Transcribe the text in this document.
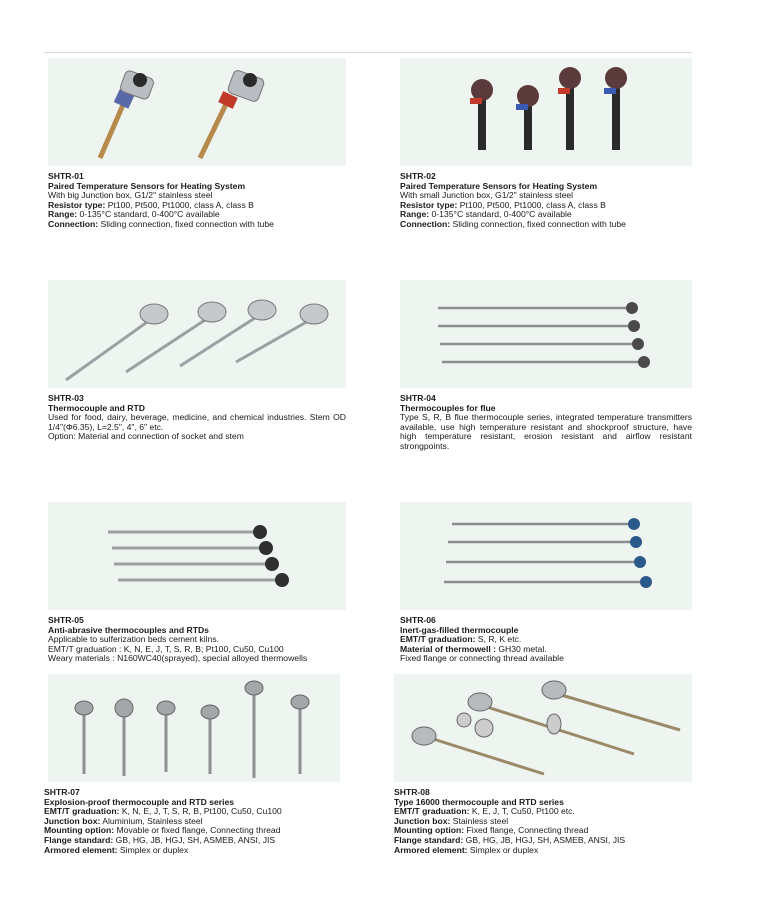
SHTR-01
Paired Temperature Sensors for Heating System
With big Junction box, G1/2" stainless steel
Resistor type: Pt100, Pt500, Pt1000, class A, class B
Range: 0-135°C standard, 0-400°C available
Connection: Sliding connection, fixed connection with tube
SHTR-02
Paired Temperature Sensors for Heating System
With small Junction box, G1/2" stainless steel
Resistor type: Pt100, Pt500, Pt1000, class A, class B
Range: 0-135°C standard, 0-400°C available
Connection: Sliding connection, fixed connection with tube
SHTR-03
Thermocouple and RTD
Used for food, dairy, beverage, medicine, and chemical industries. Stem OD 1/4"(Φ6.35), L=2.5", 4", 6" etc.
Option: Material and connection of socket and stem
SHTR-04
Thermocouples for flue
Type S, R, B flue thermocouple series, integrated temperature transmitters available, use high temperature resistant and shockproof structure, have high temperature resistant, erosion resistant and airflow resistant strongpoints.
SHTR-05
Anti-abrasive thermocouples and RTDs
Applicable to sulferization beds cement kilns.
EMT/T graduation : K, N, E, J, T, S, R, B; Pt100, Cu50, Cu100
Weary materials : N160WC40(sprayed), special alloyed thermowells
SHTR-06
Inert-gas-filled thermocouple
EMT/T graduation: S, R, K etc.
Material of thermowell : GH30 metal.
Fixed flange or connecting thread available
SHTR-07
Explosion-proof thermocouple and RTD series
EMT/T graduation: K, N, E, J, T, S, R, B, Pt100, Cu50, Cu100
Junction box: Aluminium, Stainless steel
Mounting option: Movable or fixed flange, Connecting thread
Flange standard: GB, HG, JB, HGJ, SH, ASMEB, ANSI, JIS
Armored element: Simplex or duplex
SHTR-08
Type 16000 thermocouple and RTD series
EMT/T graduation: K, E, J, T, Cu50, Pt100 etc.
Junction box: Stainless steel
Mounting option: Fixed flange, Connecting thread
Flange standard: GB, HG, JB, HGJ, SH, ASMEB, ANSI, JIS
Armored element: Simplex or duplex
